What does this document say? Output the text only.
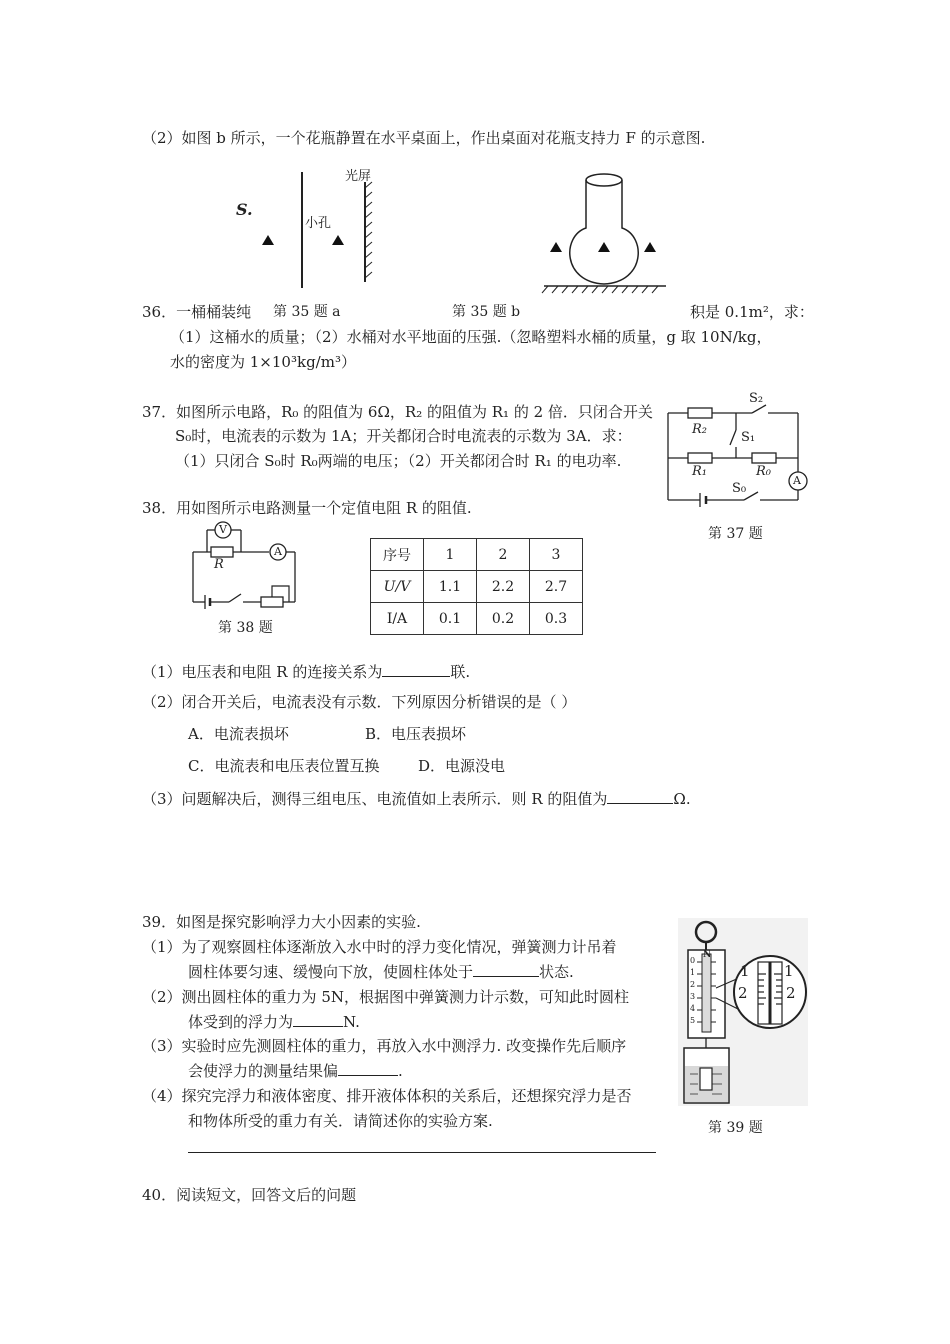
（2）如图 b 所示，一个花瓶静置在水平桌面上，作出桌面对花瓶支持力 F 的示意图.
光屏
S.
小孔
36．一桶桶装纯 第 35 题 a	第 35 题 b	积是 0.1m²，求：
（1）这桶水的质量；（2）水桶对水平地面的压强.（忽略塑料水桶的质量，g 取 10N/kg，
水的密度为 1×10³kg/m³）
37．如图所示电路，R₀ 的阻值为 6Ω，R₂ 的阻值为 R₁ 的 2 倍．只闭合开关
S₀时，电流表的示数为 1A；开关都闭合时电流表的示数为 3A．求：
（1）只闭合 S₀时 R₀两端的电压；（2）开关都闭合时 R₁ 的电功率.
S₂
R₂
S₁
R₁	R₀
A
S₀
第 37 题
38．用如图所示电路测量一个定值电阻 R 的阻值.
V
A
R
第 38 题
序号	1	2	3
U/V	1.1	2.2	2.7
I/A	0.1	0.2	0.3
（1）电压表和电阻 R 的连接关系为	联.
（2）闭合开关后，电流表没有示数．下列原因分析错误的是（ ）
A．电流表损坏	B．电压表损坏
C．电流表和电压表位置互换	D．电源没电
（3）问题解决后，测得三组电压、电流值如上表所示．则 R 的阻值为	Ω.
39．如图是探究影响浮力大小因素的实验.
（1）为了观察圆柱体逐渐放入水中时的浮力变化情况，弹簧测力计吊着
圆柱体要匀速、缓慢向下放，使圆柱体处于	状态.
（2）测出圆柱体的重力为 5N，根据图中弹簧测力计示数，可知此时圆柱
体受到的浮力为	N.
（3）实验时应先测圆柱体的重力，再放入水中测浮力. 改变操作先后顺序
会使浮力的测量结果偏	.
（4）探究完浮力和液体密度、排开液体体积的关系后，还想探究浮力是否
和物体所受的重力有关．请简述你的实验方案.
N
0
1
2
3
4
5
1
2
1
2
第 39 题
40．阅读短文，回答文后的问题
